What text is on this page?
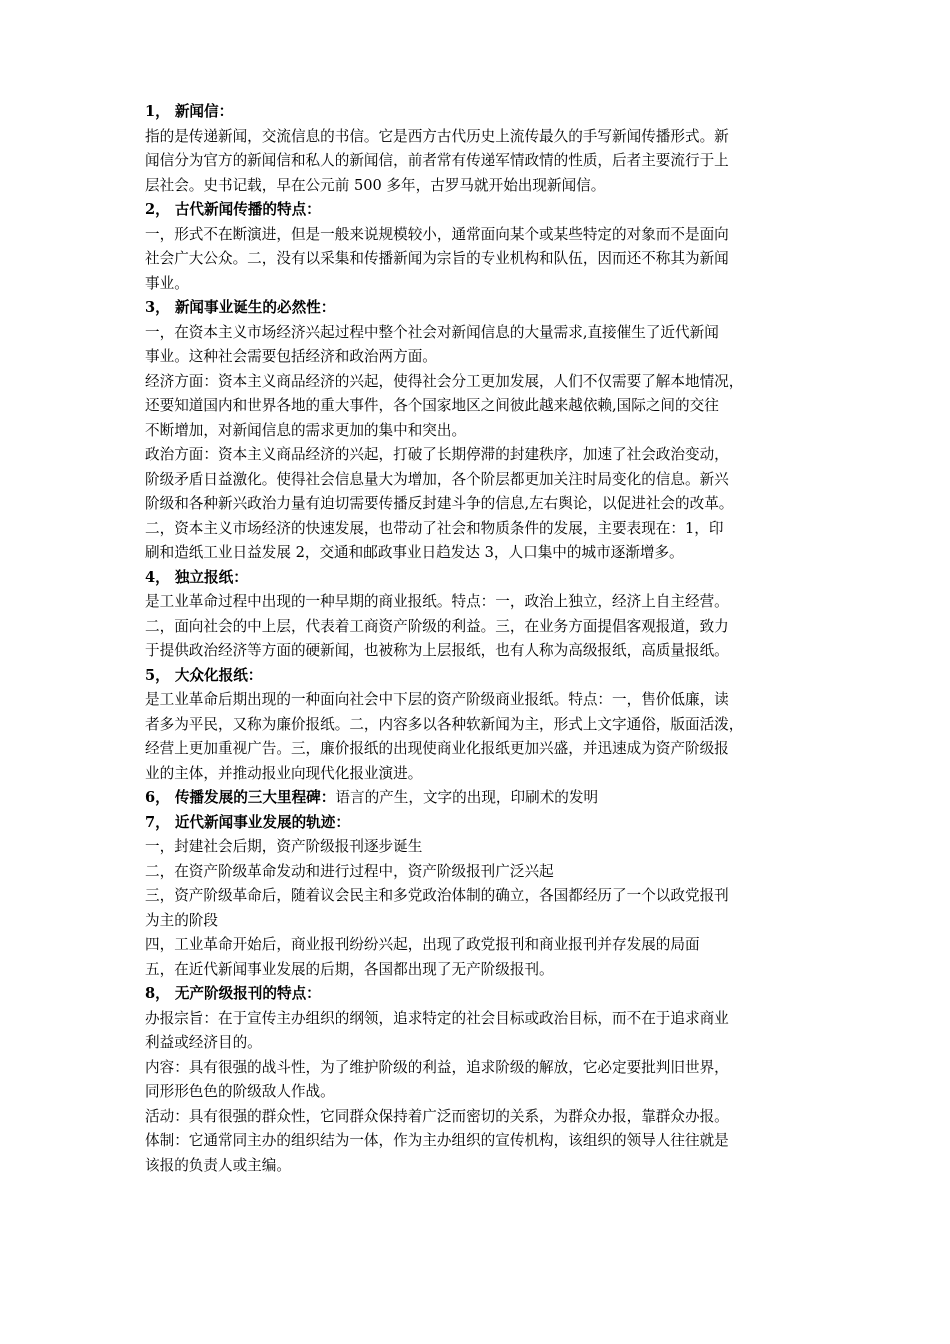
1， 新闻信：

指的是传递新闻，交流信息的书信。它是西方古代历史上流传最久的手写新闻传播形式。新

闻信分为官方的新闻信和私人的新闻信，前者常有传递军情政情的性质，后者主要流行于上

层社会。史书记载，早在公元前 500 多年，古罗马就开始出现新闻信。

2， 古代新闻传播的特点：

一，形式不在断演进，但是一般来说规模较小，通常面向某个或某些特定的对象而不是面向

社会广大公众。二，没有以采集和传播新闻为宗旨的专业机构和队伍，因而还不称其为新闻

事业。

3， 新闻事业诞生的必然性：

一，在资本主义市场经济兴起过程中整个社会对新闻信息的大量需求,直接催生了近代新闻

事业。这种社会需要包括经济和政治两方面。

经济方面：资本主义商品经济的兴起，使得社会分工更加发展，人们不仅需要了解本地情况，

还要知道国内和世界各地的重大事件，各个国家地区之间彼此越来越依赖,国际之间的交往

不断增加，对新闻信息的需求更加的集中和突出。

政治方面：资本主义商品经济的兴起，打破了长期停滞的封建秩序，加速了社会政治变动，

阶级矛盾日益激化。使得社会信息量大为增加，各个阶层都更加关注时局变化的信息。新兴

阶级和各种新兴政治力量有迫切需要传播反封建斗争的信息,左右舆论，以促进社会的改革。

二，资本主义市场经济的快速发展，也带动了社会和物质条件的发展，主要表现在：1，印

刷和造纸工业日益发展 2，交通和邮政事业日趋发达 3，人口集中的城市逐渐增多。

4， 独立报纸：

是工业革命过程中出现的一种早期的商业报纸。特点：一，政治上独立，经济上自主经营。

二，面向社会的中上层，代表着工商资产阶级的利益。三，在业务方面提倡客观报道，致力

于提供政治经济等方面的硬新闻，也被称为上层报纸，也有人称为高级报纸，高质量报纸。

5， 大众化报纸：

是工业革命后期出现的一种面向社会中下层的资产阶级商业报纸。特点：一，售价低廉，读

者多为平民，又称为廉价报纸。二，内容多以各种软新闻为主，形式上文字通俗，版面活泼，

经营上更加重视广告。三，廉价报纸的出现使商业化报纸更加兴盛，并迅速成为资产阶级报

业的主体，并推动报业向现代化报业演进。

6， 传播发展的三大里程碑：语言的产生，文字的出现，印刷术的发明

7， 近代新闻事业发展的轨迹：

一，封建社会后期，资产阶级报刊逐步诞生

二，在资产阶级革命发动和进行过程中，资产阶级报刊广泛兴起

三，资产阶级革命后，随着议会民主和多党政治体制的确立，各国都经历了一个以政党报刊

为主的阶段

四，工业革命开始后，商业报刊纷纷兴起，出现了政党报刊和商业报刊并存发展的局面

五，在近代新闻事业发展的后期，各国都出现了无产阶级报刊。

8， 无产阶级报刊的特点：

办报宗旨：在于宣传主办组织的纲领，追求特定的社会目标或政治目标，而不在于追求商业

利益或经济目的。

内容：具有很强的战斗性，为了维护阶级的利益，追求阶级的解放，它必定要批判旧世界，

同形形色色的阶级敌人作战。

活动：具有很强的群众性，它同群众保持着广泛而密切的关系，为群众办报，靠群众办报。

体制：它通常同主办的组织结为一体，作为主办组织的宣传机构，该组织的领导人往往就是

该报的负责人或主编。
